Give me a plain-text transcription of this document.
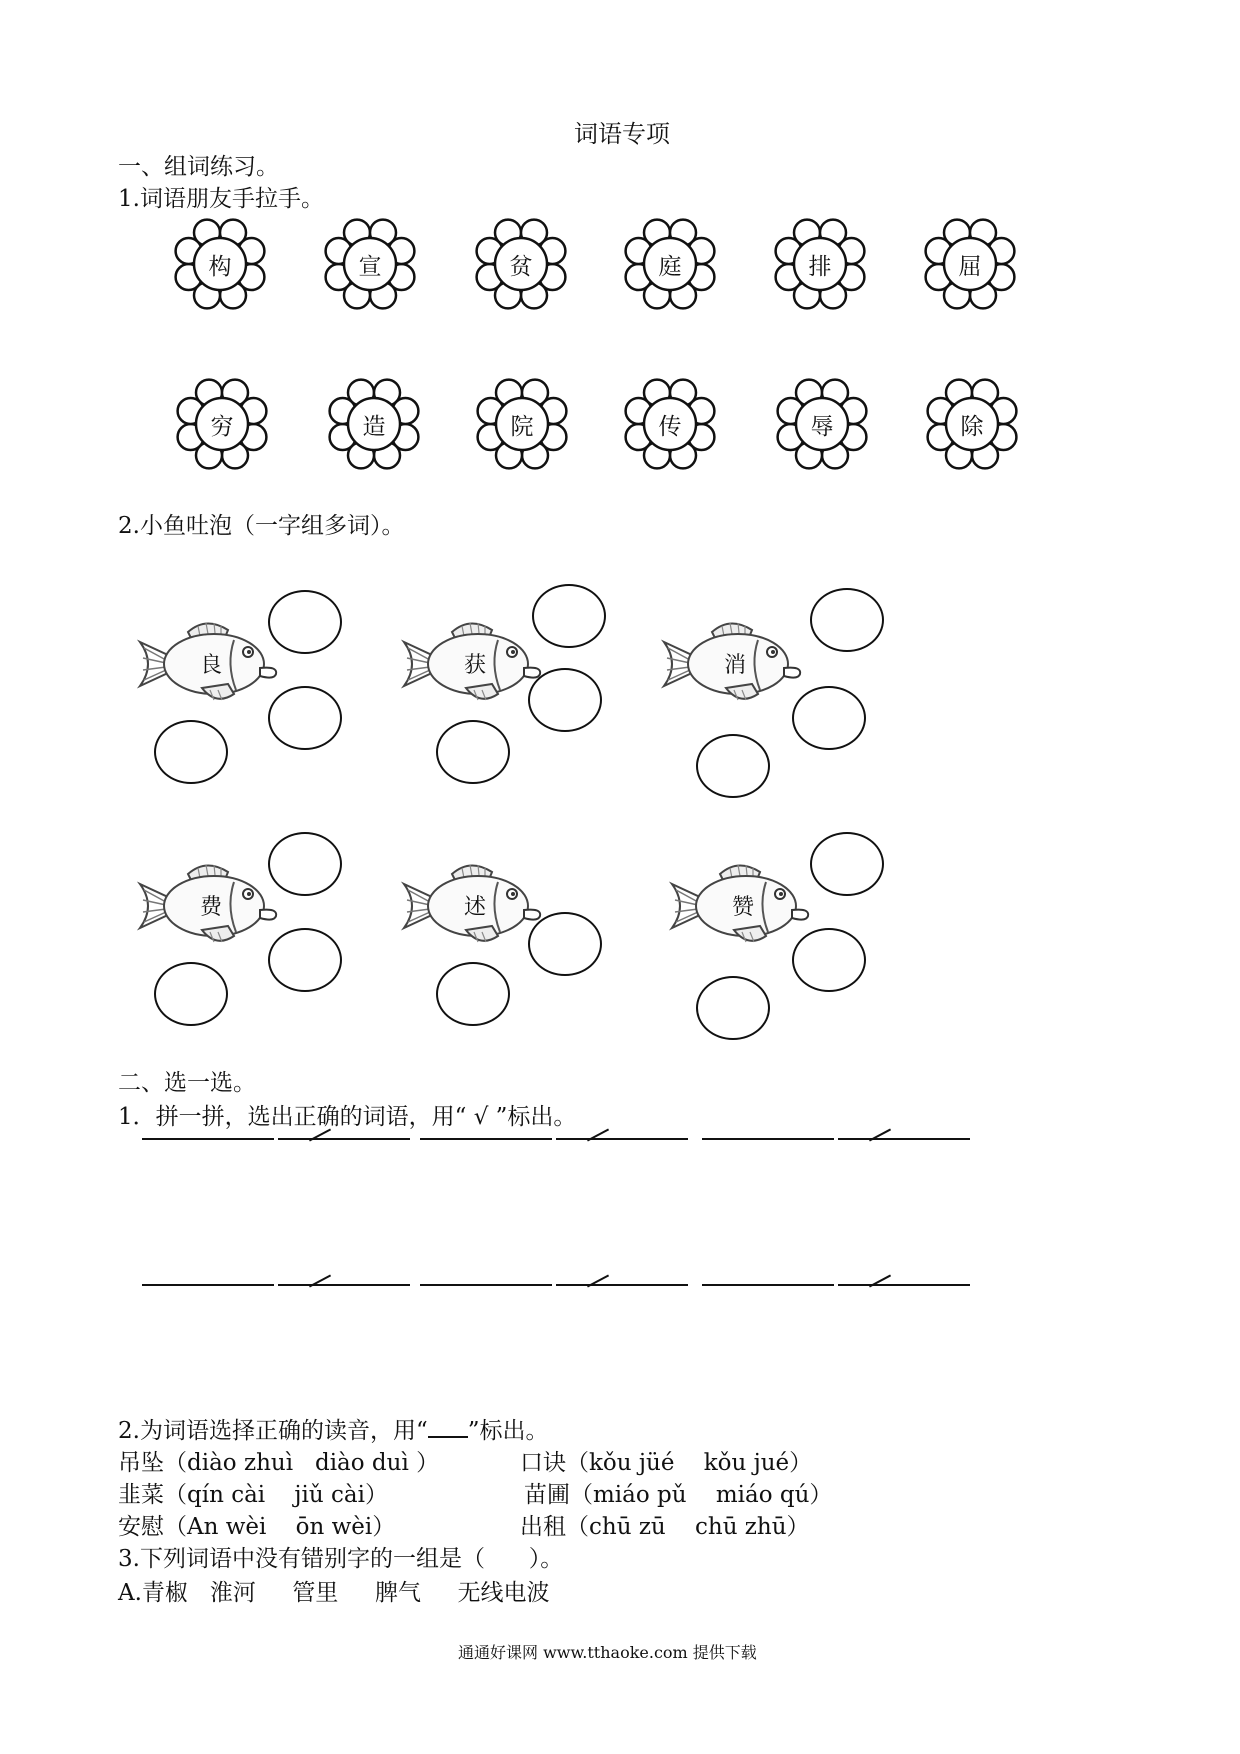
词语专项
一、组词练习。
1.词语朋友手拉手。
构	宣	贫	庭	排	屈
穷	造	院	传	辱	除
2.小鱼吐泡（一字组多词）。
良	获	消
费	述	赞
二、选一选。
1．拼一拼，选出正确的词语，用“ √ ”标出。
2.为词语选择正确的读音，用“ ”标出。
吊坠（diào zhuì   diào duì ）	口诀（kǒu jüé    kǒu jué）
韭菜（qín cài    jiǔ cài）	苗圃（miáo pǔ    miáo qú）
安慰（An wèi    ōn wèi）	出租（chū zū    chū zhū）
3.下列词语中没有错别字的一组是（      ）。
A.青椒   淮河     管里     脾气     无线电波
通通好课网 www.tthaoke.com 提供下载
